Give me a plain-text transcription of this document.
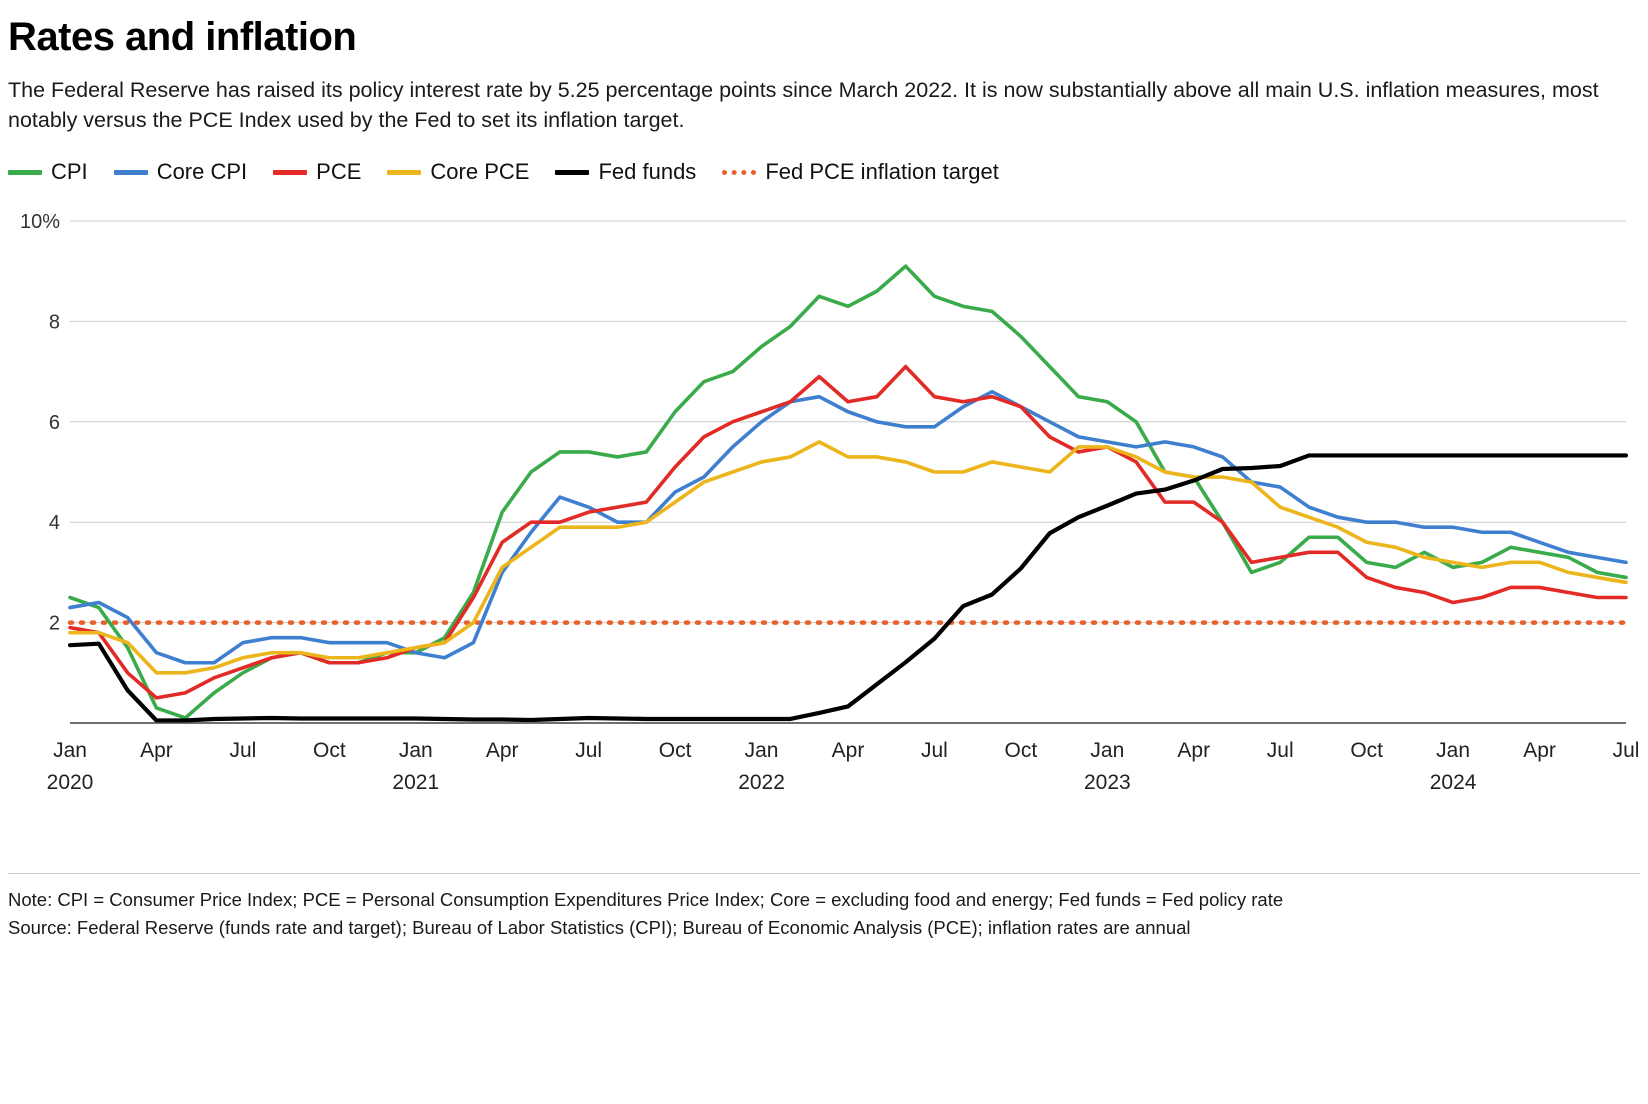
Rates and inflation

The Federal Reserve has raised its policy interest rate by 5.25 percentage points since March 2022. It is now substantially above all main U.S. inflation measures, most notably versus the PCE Index used by the Fed to set its inflation target.

CPI	Core CPI	PCE	Core PCE	Fed funds	Fed PCE inflation target
2
4
6
8
10%
Jan
2020
Apr	Jul	Oct	Jan
2021
Apr	Jul	Oct	Jan
2022
Apr	Jul	Oct	Jan
2023
Apr	Jul	Oct	Jan
2024
Apr	Jul
Note: CPI = Consumer Price Index; PCE = Personal Consumption Expenditures Price Index; Core = excluding food and energy; Fed funds = Fed policy rate
Source: Federal Reserve (funds rate and target); Bureau of Labor Statistics (CPI); Bureau of Economic Analysis (PCE); inflation rates are annual
